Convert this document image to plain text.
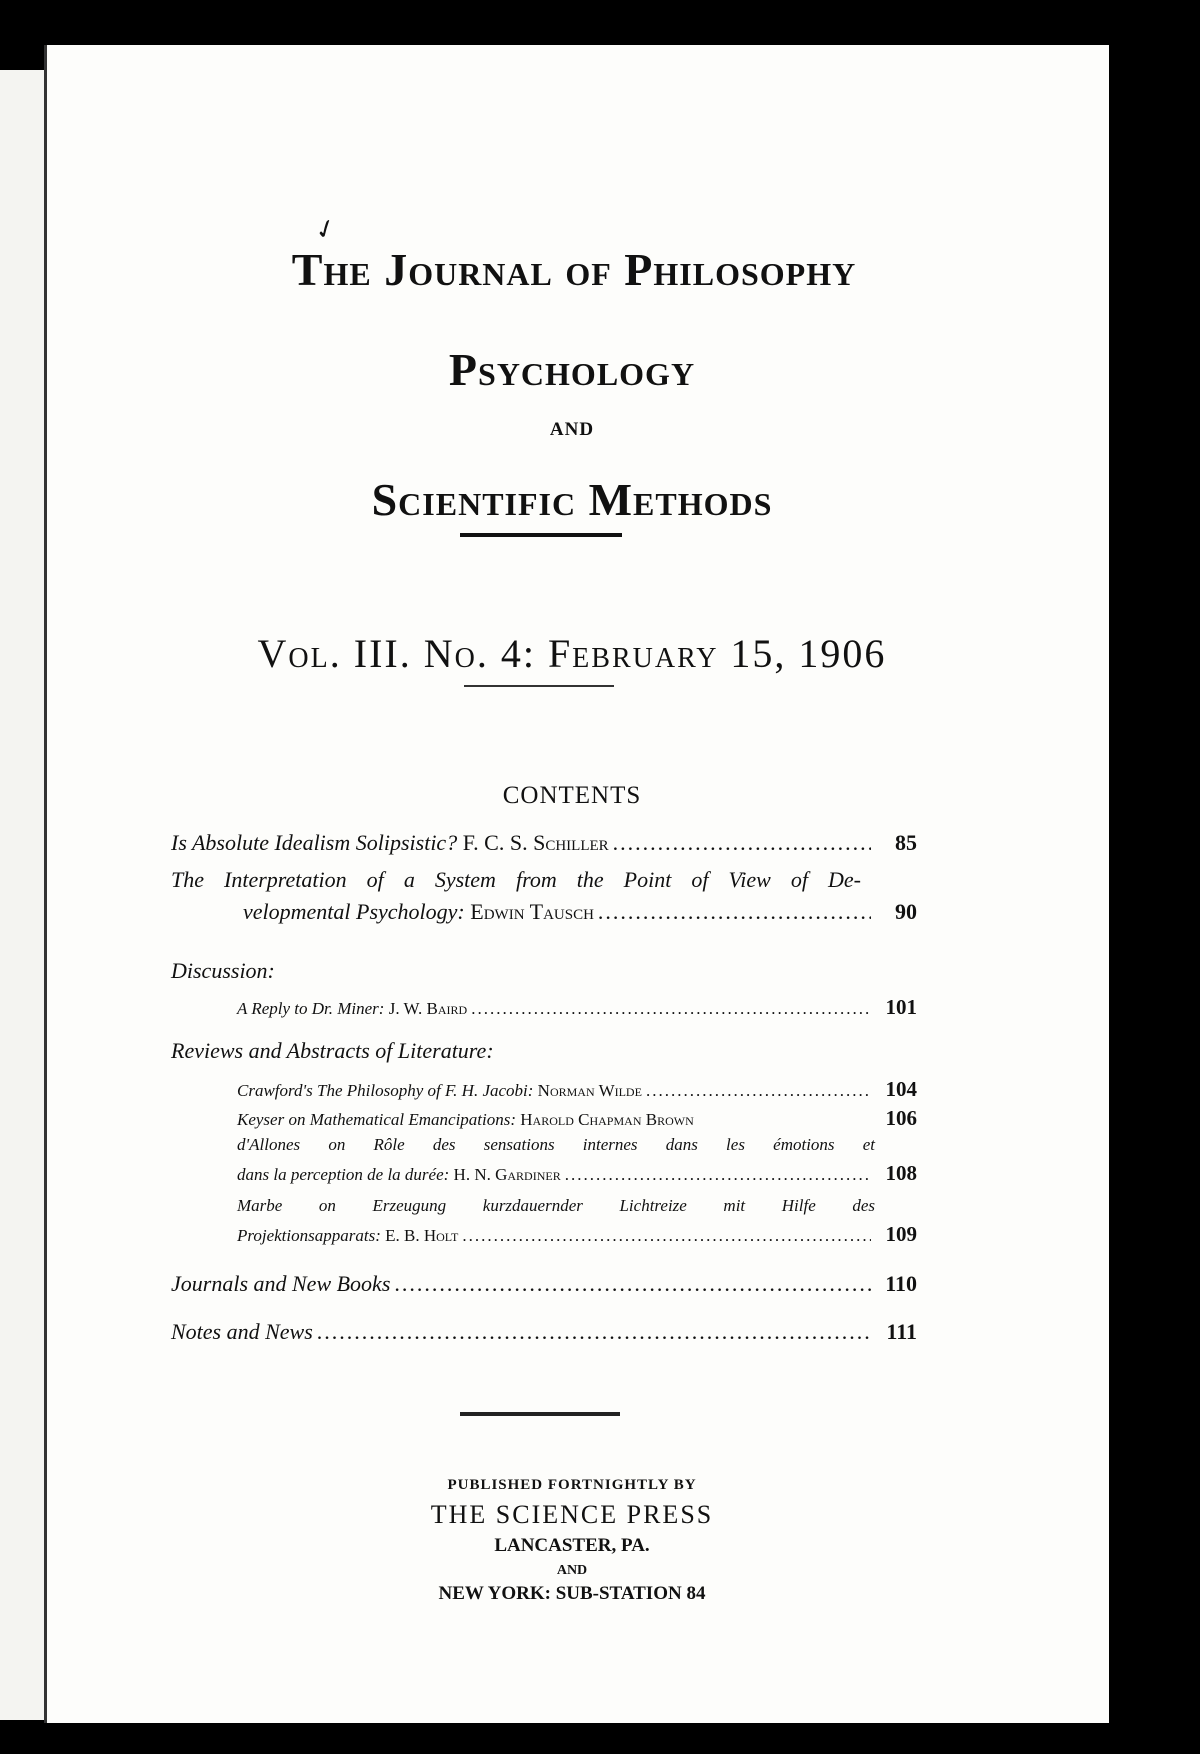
✓
The Journal of Philosophy
Psychology
AND
Scientific Methods
Vol. III. No. 4: February 15, 1906
CONTENTS
Is Absolute Idealism Solipsistic?
F. C. S. Schiller .....	85
The Interpretation of a System from the Point of View of De-
velopmental Psychology:
Edwin Tausch .....	90
Discussion:
A Reply to Dr. Miner:
J. W. Baird .....	101
Reviews and Abstracts of Literature:
Crawford's The Philosophy of F. H. Jacobi:
Norman Wilde .....	104
Keyser on Mathematical Emancipations:
Harold Chapman Brown	106
d'Allones on Rôle des sensations internes dans les émotions et
dans la perception de la durée:
H. N. Gardiner .....	108
Marbe on Erzeugung kurzdauernder Lichtreize mit Hilfe des
Projektionsapparats:
E. B. Holt .....	109
Journals and New Books .....	110
Notes and News .....	111
PUBLISHED FORTNIGHTLY BY
THE SCIENCE PRESS
LANCASTER, PA.
AND
NEW YORK: SUB-STATION 84
